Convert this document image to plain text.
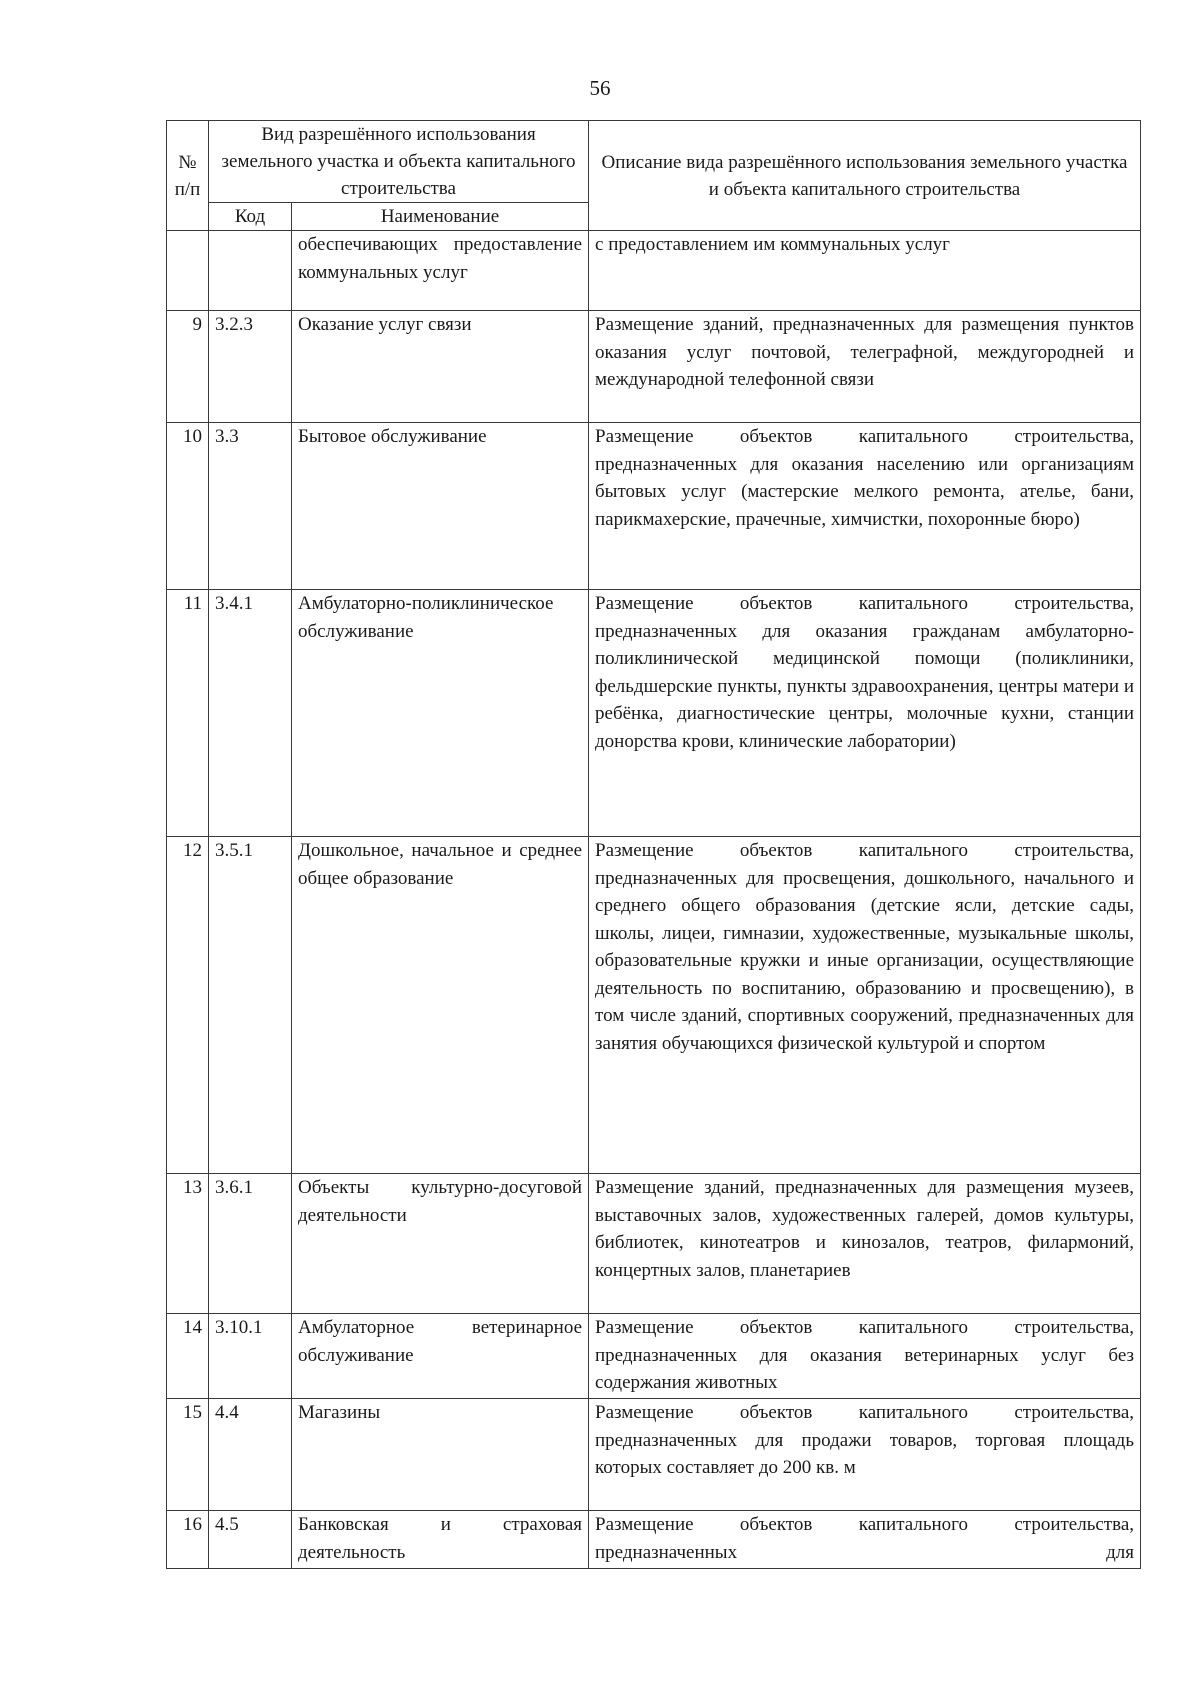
56
№ п/п	Вид разрешённого использования земельного участка и объекта капитального строительства		Описание вида разрешённого использования земельного участка и объекта капитального строительства
	Код	Наименование	
		обеспечивающих предоставление коммунальных услуг	с предоставлением им коммунальных услуг
9	3.2.3	Оказание услуг связи	Размещение зданий, предназначенных для размещения пунктов оказания услуг почтовой, телеграфной, междугородней и международной телефонной связи
10	3.3	Бытовое обслуживание	Размещение объектов капитального строительства, предназначенных для оказания населению или организациям бытовых услуг (мастерские мелкого ремонта, ателье, бани, парикмахерские, прачечные, химчистки, похоронные бюро)
11	3.4.1	Амбулаторно-поликлиническое обслуживание	Размещение объектов капитального строительства, предназначенных для оказания гражданам амбулаторно-поликлинической медицинской помощи (поликлиники, фельдшерские пункты, пункты здравоохранения, центры матери и ребёнка, диагностические центры, молочные кухни, станции донорства крови, клинические лаборатории)
12	3.5.1	Дошкольное, начальное и среднее общее образование	Размещение объектов капитального строительства, предназначенных для просвещения, дошкольного, начального и среднего общего образования (детские ясли, детские сады, школы, лицеи, гимназии, художественные, музыкальные школы, образовательные кружки и иные организации, осуществляющие деятельность по воспитанию, образованию и просвещению), в том числе зданий, спортивных сооружений, предназначенных для занятия обучающихся физической культурой и спортом
13	3.6.1	Объекты культурно-досуговой деятельности	Размещение зданий, предназначенных для размещения музеев, выставочных залов, художественных галерей, домов культуры, библиотек, кинотеатров и кинозалов, театров, филармоний, концертных залов, планетариев
14	3.10.1	Амбулаторное ветеринарное обслуживание	Размещение объектов капитального строительства, предназначенных для оказания ветеринарных услуг без содержания животных
15	4.4	Магазины	Размещение объектов капитального строительства, предназначенных для продажи товаров, торговая площадь которых составляет до 200 кв. м
16	4.5	Банковская и страховая деятельность	Размещение объектов капитального строительства, предназначенных для
